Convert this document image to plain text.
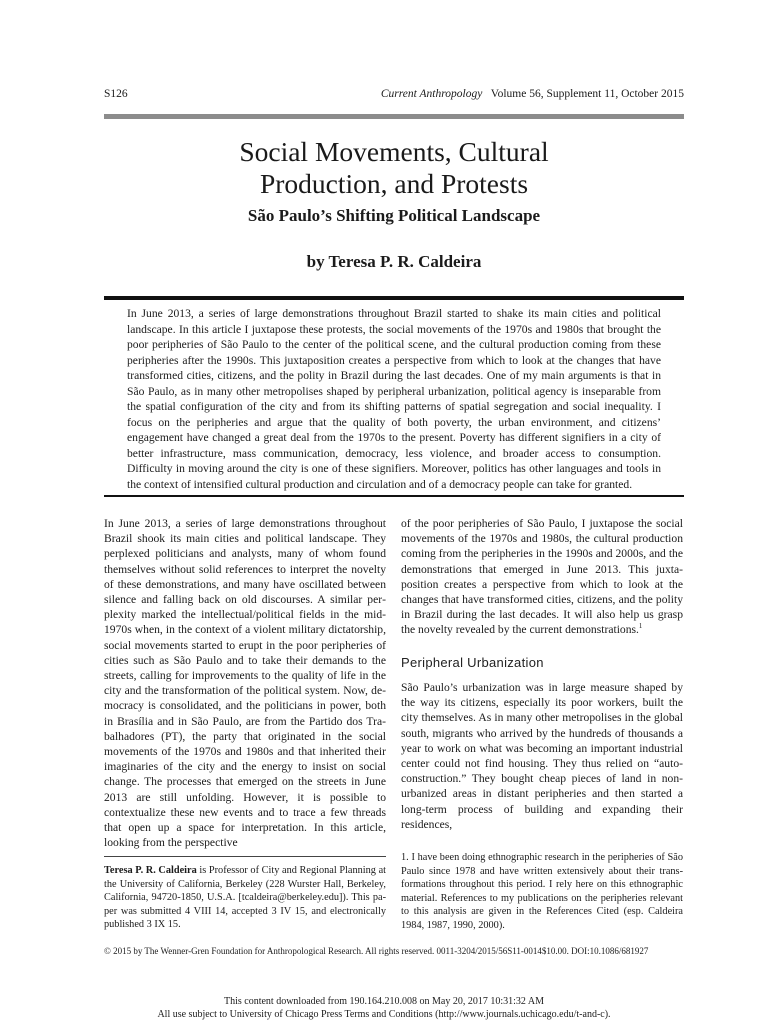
S126	Current Anthropology Volume 56, Supplement 11, October 2015
Social Movements, Cultural
Production, and Protests
São Paulo’s Shifting Political Landscape
by Teresa P. R. Caldeira

In June 2013, a series of large demonstrations throughout Brazil started to shake its main cities and political landscape. In this article I juxtapose these protests, the social movements of the 1970s and 1980s that brought the poor peripheries of São Paulo to the center of the political scene, and the cultural production coming from these peripheries after the 1990s. This juxtaposition creates a perspective from which to look at the changes that have transformed cities, citizens, and the polity in Brazil during the last decades. One of my main arguments is that in São Paulo, as in many other metropolises shaped by peripheral urbanization, political agency is inseparable from the spatial configuration of the city and from its shifting patterns of spatial segregation and social inequality. I focus on the peripheries and argue that the quality of both poverty, the urban environment, and citizens’ engagement have changed a great deal from the 1970s to the present. Poverty has different signifiers in a city of better infrastructure, mass communication, democracy, less violence, and broader access to consumption. Difficulty in moving around the city is one of these signifiers. Moreover, politics has other languages and tools in the context of intensified cultural production and circulation and of a democracy people can take for granted.

In June 2013, a series of large demonstrations throughout Brazil shook its main cities and political landscape. They perplexed politicians and analysts, many of whom found themselves without solid references to interpret the novelty of these demonstrations, and many have oscillated between silence and falling back on old discourses. A similar perplexity marked the intellectual/political fields in the mid-1970s when, in the context of a violent military dictatorship, social movements started to erupt in the poor peripheries of cities such as São Paulo and to take their demands to the streets, calling for improvements to the quality of life in the city and the transformation of the political system. Now, democracy is consolidated, and the politicians in power, both in Brasília and in São Paulo, are from the Partido dos Trabalhadores (PT), the party that originated in the social movements of the 1970s and 1980s and that inherited their imaginaries of the city and the energy to insist on social change. The processes that emerged on the streets in June 2013 are still unfolding. However, it is possible to contextualize these new events and to trace a few threads that open up a space for interpretation. In this article, looking from the perspective

of the poor peripheries of São Paulo, I juxtapose the social movements of the 1970s and 1980s, the cultural production coming from the peripheries in the 1990s and 2000s, and the demonstrations that emerged in June 2013. This juxtaposition creates a perspective from which to look at the changes that have transformed cities, citizens, and the polity in Brazil during the last decades. It will also help us grasp the novelty revealed by the current demonstrations.$^1$

Peripheral Urbanization

São Paulo’s urbanization was in large measure shaped by the way its citizens, especially its poor workers, built the city themselves. As in many other metropolises in the global south, migrants who arrived by the hundreds of thousands a year to work on what was becoming an important industrial center could not find housing. They thus relied on “autoconstruction.” They bought cheap pieces of land in nonurbanized areas in distant peripheries and then started a long-term process of building and expanding their residences,

Teresa P. R. Caldeira is Professor of City and Regional Planning at the University of California, Berkeley (228 Wurster Hall, Berkeley, California, 94720-1850, U.S.A. [tcaldeira@berkeley.edu]). This paper was submitted 4 VIII 14, accepted 3 IV 15, and electronically published 3 IX 15.

1. I have been doing ethnographic research in the peripheries of São Paulo since 1978 and have written extensively about their transformations throughout this period. I rely here on this ethnographic material. References to my publications on the peripheries relevant to this analysis are given in the References Cited (esp. Caldeira 1984, 1987, 1990, 2000).

© 2015 by The Wenner-Gren Foundation for Anthropological Research. All rights reserved. 0011-3204/2015/56S11-0014$10.00. DOI:10.1086/681927
This content downloaded from 190.164.210.008 on May 20, 2017 10:31:32 AM
All use subject to University of Chicago Press Terms and Conditions (http://www.journals.uchicago.edu/t-and-c).
